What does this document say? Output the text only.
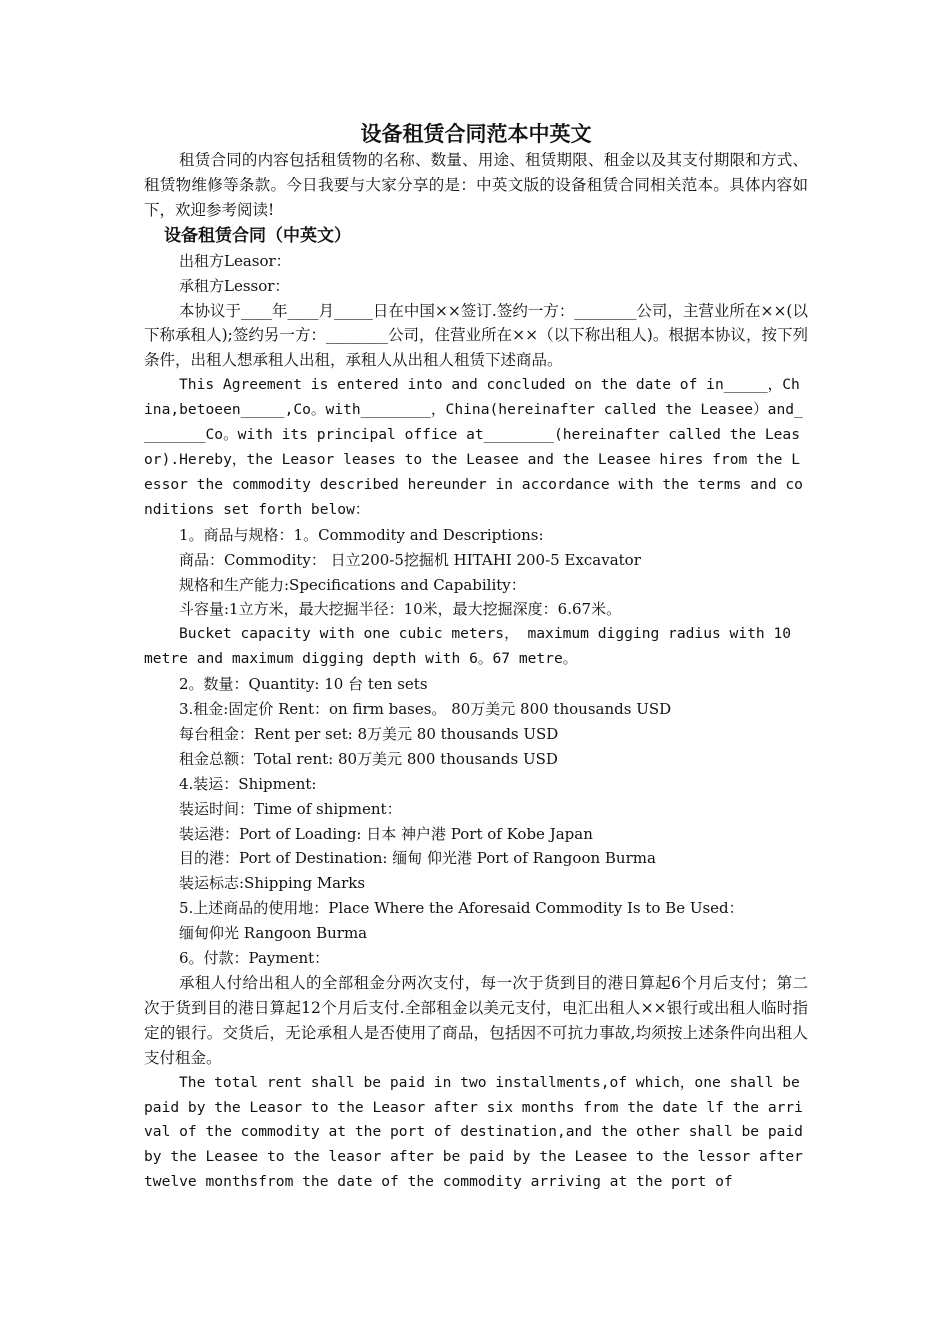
设备租赁合同范本中英文

租赁合同的内容包括租赁物的名称、数量、用途、租赁期限、租金以及其支付期限和方式、租赁物维修等条款。今日我要与大家分享的是：中英文版的设备租赁合同相关范本。具体内容如下，欢迎参考阅读!

设备租赁合同（中英文）

出租方Leasor：

承租方Lessor：

本协议于____年____月_____日在中国××签订.签约一方：________公司，主营业所在××(以下称承租人);签约另一方：________公司，住营业所在××（以下称出租人)。根据本协议，按下列条件，出租人想承租人出租，承租人从出租人租赁下述商品。

This Agreement is entered into and concluded on the date of in_____，China,betoeen_____,Co。with________，China(hereinafter called the Leasee）and________Co。with its principal office at________(hereinafter called the Leasor).Hereby，the Leasor leases to the Leasee and the Leasee hires from the Lessor the commodity described hereunder in accordance with the terms and conditions set forth below：

1。商品与规格：1。Commodity and Descriptions:

商品：Commodity： 日立200-5挖掘机 HITAHI 200-5 Excavator

规格和生产能力:Specifications and Capability：

斗容量:1立方米，最大挖掘半径：10米，最大挖掘深度：6.67米。

Bucket capacity with one cubic meters， maximum digging radius with 10 metre and maximum digging depth with 6。67 metre。

2。数量：Quantity: 10 台 ten sets

3.租金:固定价 Rent：on firm bases。 80万美元 800 thousands USD

每台租金：Rent per set: 8万美元 80 thousands USD

租金总额：Total rent: 80万美元 800 thousands USD

4.装运：Shipment:

装运时间：Time of shipment：

装运港：Port of Loading: 日本 神户港 Port of Kobe Japan

目的港：Port of Destination: 缅甸 仰光港 Port of Rangoon Burma

装运标志:Shipping Marks

5.上述商品的使用地：Place Where the Aforesaid Commodity Is to Be Used：

缅甸仰光 Rangoon Burma

6。付款：Payment：

承租人付给出租人的全部租金分两次支付，每一次于货到目的港日算起6个月后支付；第二次于货到目的港日算起12个月后支付.全部租金以美元支付，电汇出租人××银行或出租人临时指定的银行。交货后，无论承租人是否使用了商品，包括因不可抗力事故,均须按上述条件向出租人支付租金。

The total rent shall be paid in two installments,of which，one shall be paid by the Leasor to the Leasor after six months from the date lf the arrival of the commodity at the port of destination,and the other shall be paid by the Leasee to the leasor after be paid by the Leasee to the lessor after twelve monthsfrom the date of the commodity arriving at the port of
